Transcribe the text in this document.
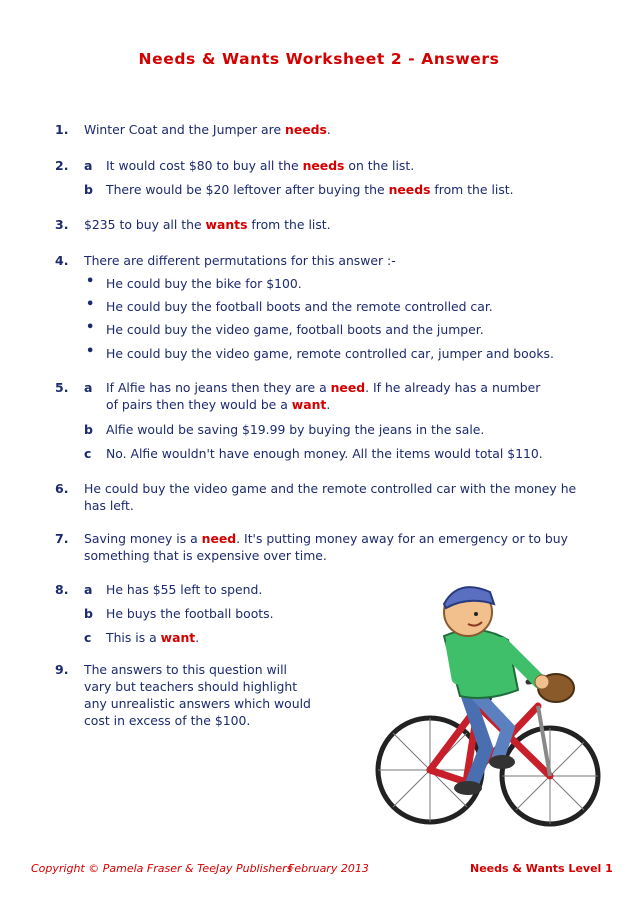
Needs & Wants Worksheet 2 - Answers
1. Winter Coat and the Jumper are needs.
2. a It would cost $80 to buy all the needs on the list.
b There would be $20 leftover after buying the needs from the list.
3. $235 to buy all the wants from the list.
4. There are different permutations for this answer :-
• He could buy the bike for $100.
• He could buy the football boots and the remote controlled car.
• He could buy the video game, football boots and the jumper.
• He could buy the video game, remote controlled car, jumper and books.
5. a If Alfie has no jeans then they are a need. If he already has a number
of pairs then they would be a want.
b Alfie would be saving $19.99 by buying the jeans in the sale.
c No. Alfie wouldn't have enough money. All the items would total $110.
6. He could buy the video game and the remote controlled car with the money he
has left.
7. Saving money is a need. It's putting money away for an emergency or to buy
something that is expensive over time.
8. a He has $55 left to spend.
b He buys the football boots.
c This is a want.
9. The answers to this question will
vary but teachers should highlight
any unrealistic answers which would
cost in excess of the $100.
Copyright © Pamela Fraser & TeeJay Publishers
February 2013	Needs & Wants Level 1
